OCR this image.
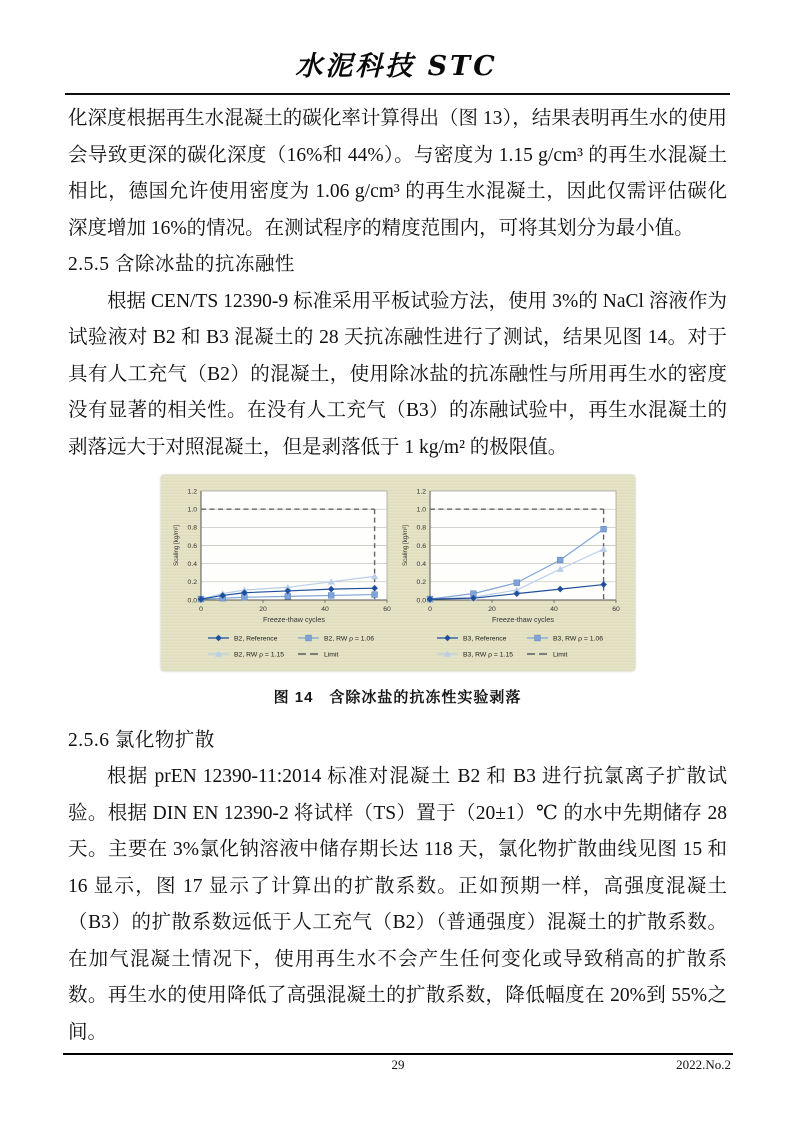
水泥科技 STC

化深度根据再生水混凝土的碳化率计算得出（图 13），结果表明再生水的使用会导致更深的碳化深度（16%和 44%）。与密度为 1.15 g/cm³ 的再生水混凝土相比，德国允许使用密度为 1.06 g/cm³ 的再生水混凝土，因此仅需评估碳化深度增加 16%的情况。在测试程序的精度范围内，可将其划分为最小值。

2.5.5 含除冰盐的抗冻融性

根据 CEN/TS 12390-9 标准采用平板试验方法，使用 3%的 NaCl 溶液作为试验液对 B2 和 B3 混凝土的 28 天抗冻融性进行了测试，结果见图 14。对于具有人工充气（B2）的混凝土，使用除冰盐的抗冻融性与所用再生水的密度没有显著的相关性。在没有人工充气（B3）的冻融试验中，再生水混凝土的剥落远大于对照混凝土，但是剥落低于 1 kg/m² 的极限值。

0.0
0.2
0.4
0.6
0.8
1.0
1.2
0	20	40	60
Scaling [kg/m²]
Freeze-thaw cycles
B2, Reference	B2, RW ρ = 1.06
B2, RW ρ = 1.15	Limit
0.0
0.2
0.4
0.6
0.8
1.0
1.2
0	20	40	60
Scaling [kg/m²]
Freeze-thaw cycles
B3, Reference	B3, RW ρ = 1.06
B3, RW ρ = 1.15	Limit
图 14　含除冰盐的抗冻性实验剥落

2.5.6 氯化物扩散

根据 prEN 12390-11:2014 标准对混凝土 B2 和 B3 进行抗氯离子扩散试验。根据 DIN EN 12390-2 将试样（TS）置于（20±1）℃ 的水中先期储存 28 天。主要在 3%氯化钠溶液中储存期长达 118 天，氯化物扩散曲线见图 15 和 16 显示，图 17 显示了计算出的扩散系数。正如预期一样，高强度混凝土（B3）的扩散系数远低于人工充气（B2）（普通强度）混凝土的扩散系数。在加气混凝土情况下，使用再生水不会产生任何变化或导致稍高的扩散系数。再生水的使用降低了高强混凝土的扩散系数，降低幅度在 20%到 55%之间。

29	2022.No.2
